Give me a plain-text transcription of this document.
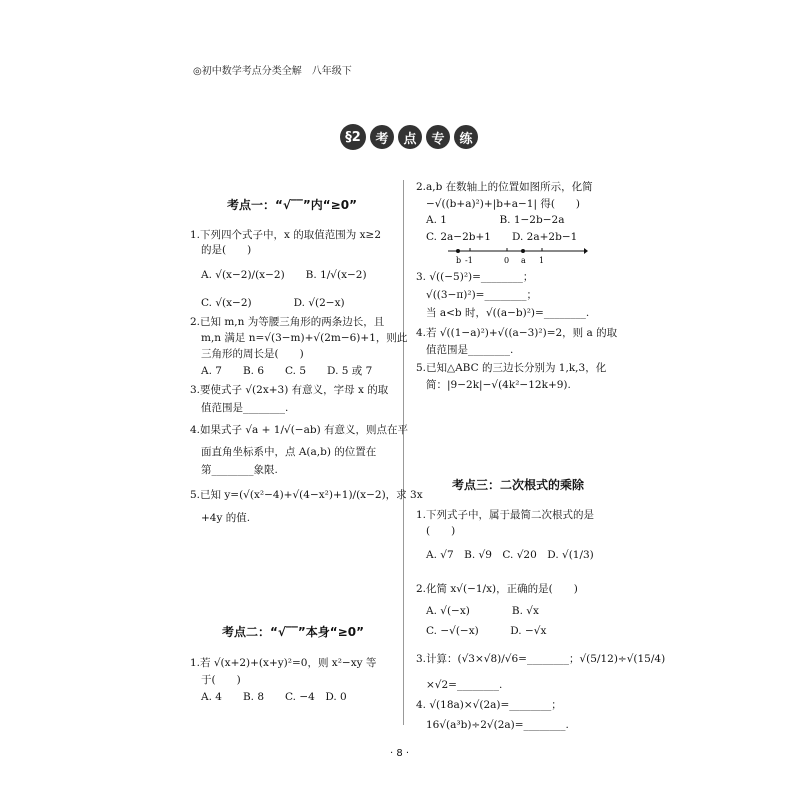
◎初中数学考点分类全解　八年级下
§2	考	点	专	练
考点一：“√‾‾”内“≥0”
1.下列四个式子中，x 的取值范围为 x≥2
的是(　　)
A. √(x−2)/(x−2)　　B. 1/√(x−2)
C. √(x−2)　　　　D. √(2−x)
2.已知 m,n 为等腰三角形的两条边长，且
m,n 满足 n=√(3−m)+√(2m−6)+1，则此
三角形的周长是(　　)
A. 7　　B. 6　　C. 5　　D. 5 或 7
3.要使式子 √(2x+3) 有意义，字母 x 的取
值范围是________.
4.如果式子 √a + 1/√(−ab) 有意义，则点在平
面直角坐标系中，点 A(a,b) 的位置在
第________象限.
5.已知 y=(√(x²−4)+√(4−x²)+1)/(x−2)，求 3x
+4y 的值.
考点二：“√‾‾”本身“≥0”
1.若 √(x+2)+(x+y)²=0，则 x²−xy 等
于(　　)
A. 4　　B. 8　　C. −4　D. 0
2.a,b 在数轴上的位置如图所示，化简
−√((b+a)²)+|b+a−1| 得(　　)
A. 1　　　　　B. 1−2b−2a
C. 2a−2b+1　　D. 2a+2b−1
b -1	0 a 1
3. √((−5)²)=________；
√((3−π)²)=________；
当 a<b 时，√((a−b)²)=________.
4.若 √((1−a)²)+√((a−3)²)=2，则 a 的取
值范围是________.
5.已知△ABC 的三边长分别为 1,k,3，化
简：|9−2k|−√(4k²−12k+9).
考点三：二次根式的乘除
1.下列式子中，属于最简二次根式的是
(　　)
A. √7　B. √9　C. √20　D. √(1/3)
2.化简 x√(−1/x)，正确的是(　　)
A. √(−x)　　　　B. √x
C. −√(−x)　　　D. −√x
3.计算：(√3×√8)/√6=________；√(5/12)÷√(15/4)
×√2=________.
4. √(18a)×√(2a)=________；
16√(a³b)÷2√(2a)=________.
· 8 ·
